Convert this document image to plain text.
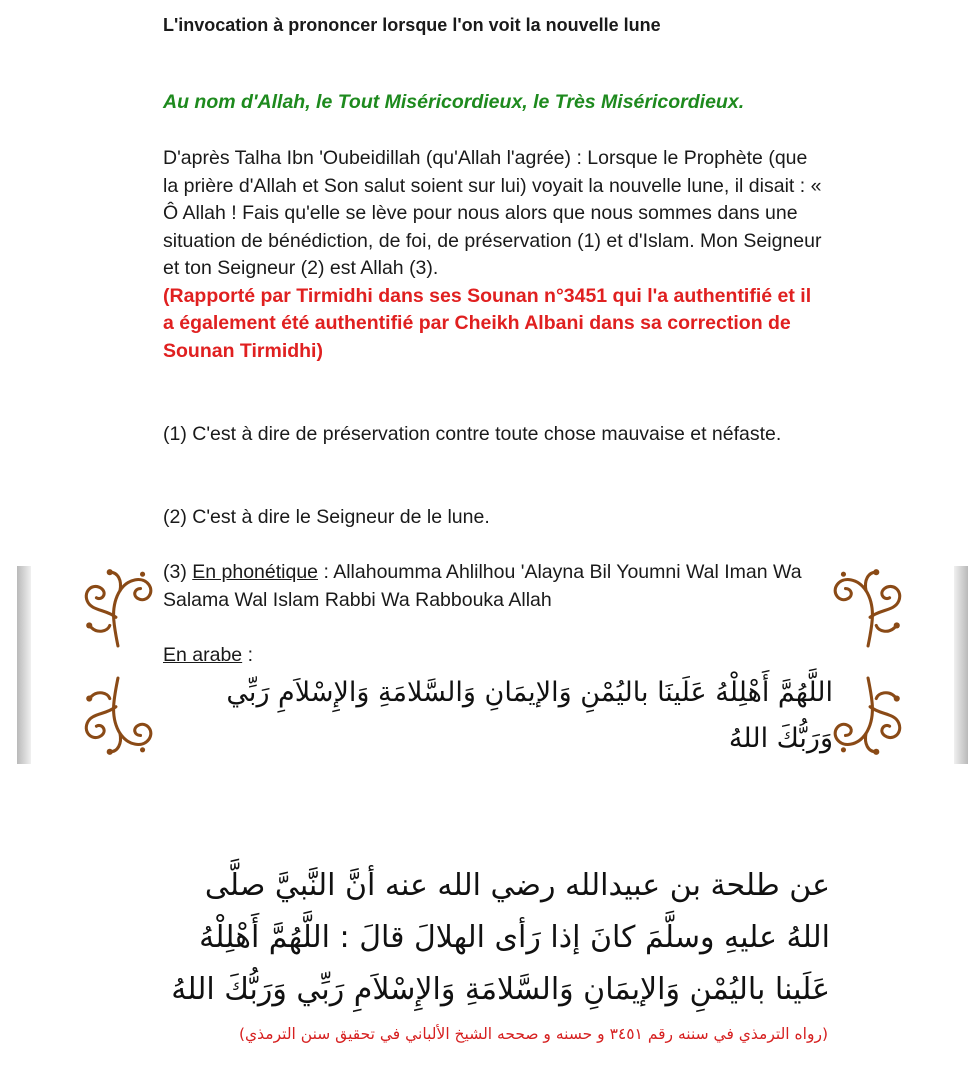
L'invocation à prononcer lorsque l'on voit la nouvelle lune
Au nom d'Allah, le Tout Miséricordieux, le Très Miséricordieux.
D'après Talha Ibn 'Oubeidillah (qu'Allah l'agrée) : Lorsque le Prophète (que la prière d'Allah et Son salut soient sur lui) voyait la nouvelle lune, il disait : « Ô Allah ! Fais qu'elle se lève pour nous alors que nous sommes dans une situation de bénédiction, de foi, de préservation (1) et d'Islam. Mon Seigneur et ton Seigneur (2) est Allah (3).
(Rapporté par Tirmidhi dans ses Sounan n°3451 qui l'a authentifié et il a également été authentifié par Cheikh Albani dans sa correction de Sounan Tirmidhi)
(1) C'est à dire de préservation contre toute chose mauvaise et néfaste.
(2) C'est à dire le Seigneur de le lune.
(3) En phonétique : Allahoumma Ahlilhou 'Alayna Bil Youmni Wal Iman Wa Salama Wal Islam Rabbi Wa Rabbouka Allah
En arabe :
اللَّهُمَّ أَهْلِلْهُ عَلَينَا باليُمْنِ وَالإيمَانِ وَالسَّلامَةِ وَالإِسْلاَمِ رَبِّي وَرَبُّكَ اللهُ
عن طلحة بن عبيدالله رضي الله عنه أنَّ النَّبيَّ صلَّى اللهُ عليهِ وسلَّمَ كانَ إذا رَأى الهلالَ قالَ : اللَّهُمَّ أَهْلِلْهُ عَلَينا باليُمْنِ وَالإيمَانِ وَالسَّلامَةِ وَالإِسْلاَمِ رَبِّي وَرَبُّكَ اللهُ
(رواه الترمذي في سننه رقم ٣٤٥١ و حسنه و صححه الشيخ الألباني في تحقيق سنن الترمذي)
